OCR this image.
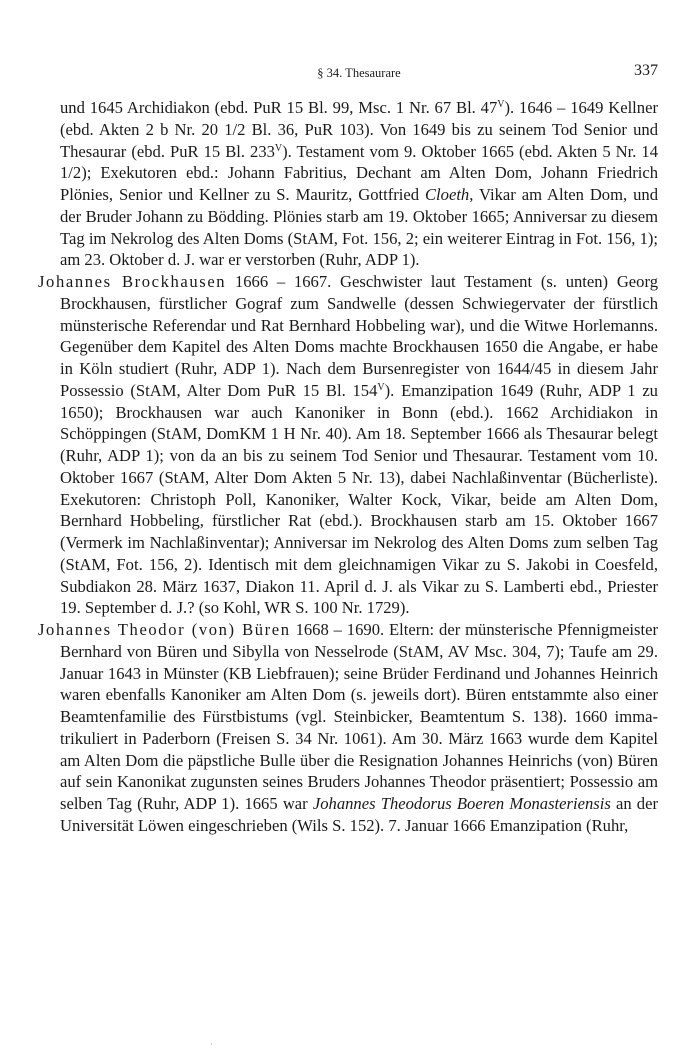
§ 34. Thesaurare	337

und 1645 Archidiakon (ebd. PuR 15 Bl. 99, Msc. 1 Nr. 67 Bl. $47^V$). 1646 – 1649 Kellner (ebd. Akten 2 b Nr. 20 1/2 Bl. 36, PuR 103). Von 1649 bis zu seinem Tod Senior und Thesaurar (ebd. PuR 15 Bl. $233^V$). Testament vom 9. Oktober 1665 (ebd. Akten 5 Nr. 14 1/2); Exekutoren ebd.: Johann Fabritius, Dechant am Alten Dom, Johann Friedrich Plönies, Senior und Kellner zu S. Mauritz, Gottfried Cloeth, Vikar am Alten Dom, und der Bruder Johann zu Bödding. Plönies starb am 19. Oktober 1665; Anniversar zu diesem Tag im Nekrolog des Alten Doms (StAM, Fot. 156, 2; ein weiterer Eintrag in Fot. 156, 1); am 23. Oktober d. J. war er verstorben (Ruhr, ADP 1).

Johannes Brockhausen 1666 – 1667. Geschwister laut Testament (s. unten) Georg Brockhausen, fürstlicher Gograf zum Sandwelle (dessen Schwiegervater der fürstlich münsterische Referendar und Rat Bernhard Hobbeling war), und die Witwe Horlemanns. Gegenüber dem Kapitel des Alten Doms machte Brockhausen 1650 die Angabe, er habe in Köln studiert (Ruhr, ADP 1). Nach dem Bursenregister von 1644/45 in diesem Jahr Possessio (StAM, Alter Dom PuR 15 Bl. $154^V$). Emanzipation 1649 (Ruhr, ADP 1 zu 1650); Brockhausen war auch Kanoniker in Bonn (ebd.). 1662 Archidiakon in Schöppingen (StAM, DomKM 1 H Nr. 40). Am 18. September 1666 als Thesaurar belegt (Ruhr, ADP 1); von da an bis zu seinem Tod Senior und Thesaurar. Testament vom 10. Oktober 1667 (StAM, Alter Dom Akten 5 Nr. 13), dabei Nachlaßinventar (Bücherliste). Exekutoren: Christoph Poll, Kanoniker, Walter Kock, Vikar, beide am Alten Dom, Bernhard Hobbeling, fürstlicher Rat (ebd.). Brockhausen starb am 15. Oktober 1667 (Vermerk im Nachlaßinventar); Anniversar im Nekrolog des Alten Doms zum selben Tag (StAM, Fot. 156, 2). Identisch mit dem gleichnamigen Vikar zu S. Jakobi in Coesfeld, Subdiakon 28. März 1637, Diakon 11. April d. J. als Vikar zu S. Lamberti ebd., Priester 19. September d. J.? (so Kohl, WR S. 100 Nr. 1729).

Johannes Theodor (von) Büren 1668 – 1690. Eltern: der münsterische Pfennigmeister Bernhard von Büren und Sibylla von Nesselrode (StAM, AV Msc. 304, 7); Taufe am 29. Januar 1643 in Münster (KB Liebfrauen); seine Brüder Ferdinand und Johannes Heinrich waren ebenfalls Kanoniker am Alten Dom (s. jeweils dort). Büren entstammte also einer Beamtenfamilie des Fürstbistums (vgl. Steinbicker, Beamtentum S. 138). 1660 immatrikuliert in Paderborn (Freisen S. 34 Nr. 1061). Am 30. März 1663 wurde dem Kapitel am Alten Dom die päpstliche Bulle über die Resignation Johannes Heinrichs (von) Büren auf sein Kanonikat zugunsten seines Bruders Johannes Theodor präsentiert; Possessio am selben Tag (Ruhr, ADP 1). 1665 war Johannes Theodorus Boeren Monasteriensis an der Universität Löwen eingeschrieben (Wils S. 152). 7. Januar 1666 Emanzipation (Ruhr,

·
